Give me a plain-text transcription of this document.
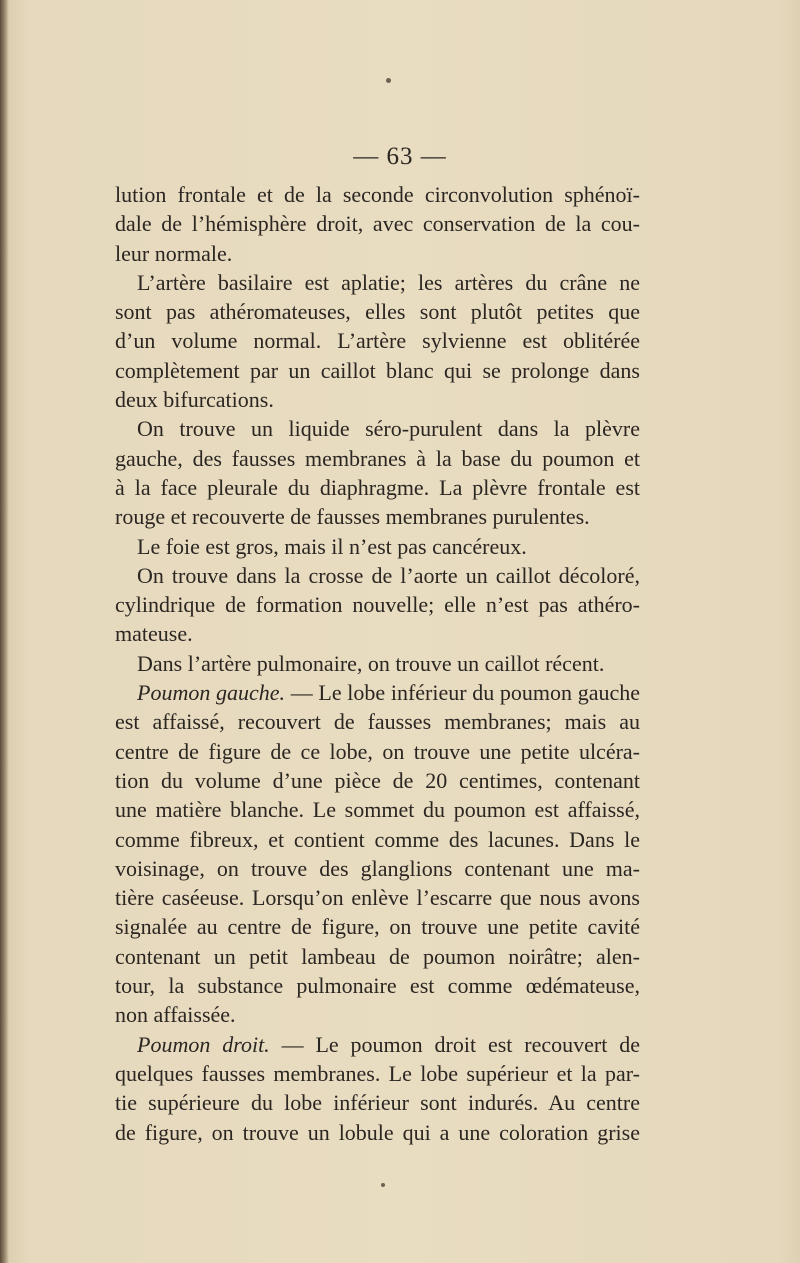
— 63 —
lution frontale et de la seconde circonvolution sphénoï-
dale de l’hémisphère droit, avec conservation de la cou-
leur normale.
L’artère basilaire est aplatie; les artères du crâne ne
sont pas athéromateuses, elles sont plutôt petites que
d’un volume normal. L’artère sylvienne est oblitérée
complètement par un caillot blanc qui se prolonge dans
deux bifurcations.
On trouve un liquide séro-purulent dans la plèvre
gauche, des fausses membranes à la base du poumon et
à la face pleurale du diaphragme. La plèvre frontale est
rouge et recouverte de fausses membranes purulentes.
Le foie est gros, mais il n’est pas cancéreux.
On trouve dans la crosse de l’aorte un caillot décoloré,
cylindrique de formation nouvelle; elle n’est pas athéro-
mateuse.
Dans l’artère pulmonaire, on trouve un caillot récent.
Poumon gauche. — Le lobe inférieur du poumon gauche
est affaissé, recouvert de fausses membranes; mais au
centre de figure de ce lobe, on trouve une petite ulcéra-
tion du volume d’une pièce de 20 centimes, contenant
une matière blanche. Le sommet du poumon est affaissé,
comme fibreux, et contient comme des lacunes. Dans le
voisinage, on trouve des glanglions contenant une ma-
tière caséeuse. Lorsqu’on enlève l’escarre que nous avons
signalée au centre de figure, on trouve une petite cavité
contenant un petit lambeau de poumon noirâtre; alen-
tour, la substance pulmonaire est comme œdémateuse,
non affaissée.
Poumon droit. — Le poumon droit est recouvert de
quelques fausses membranes. Le lobe supérieur et la par-
tie supérieure du lobe inférieur sont indurés. Au centre
de figure, on trouve un lobule qui a une coloration grise
